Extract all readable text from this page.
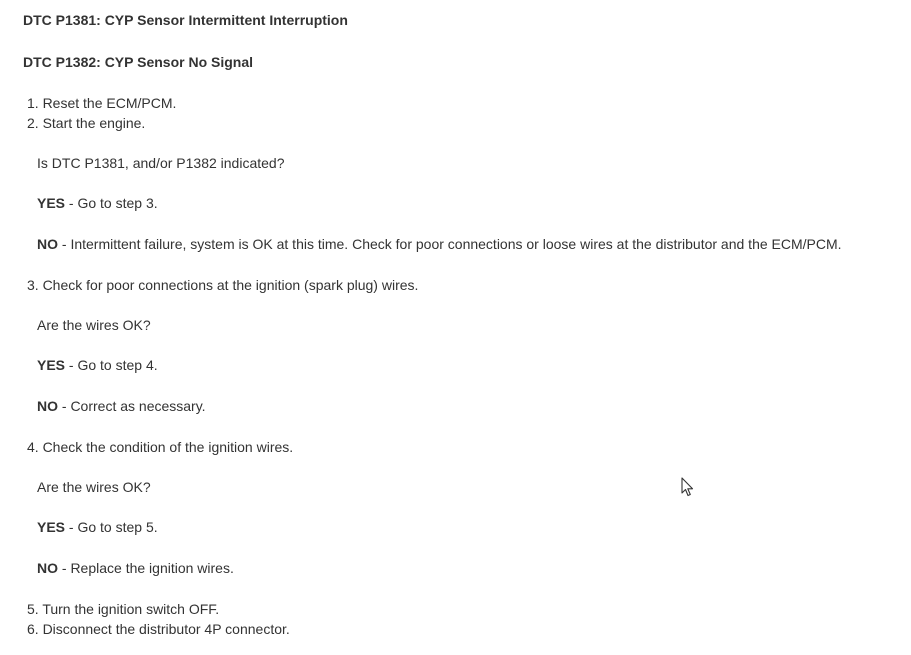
DTC P1381: CYP Sensor Intermittent Interruption
DTC P1382: CYP Sensor No Signal
1. Reset the ECM/PCM.
2. Start the engine.
Is DTC P1381, and/or P1382 indicated?
YES - Go to step 3.
NO - Intermittent failure, system is OK at this time. Check for poor connections or loose wires at the distributor and the ECM/PCM.
3. Check for poor connections at the ignition (spark plug) wires.
Are the wires OK?
YES - Go to step 4.
NO - Correct as necessary.
4. Check the condition of the ignition wires.
Are the wires OK?
YES - Go to step 5.
NO - Replace the ignition wires.
5. Turn the ignition switch OFF.
6. Disconnect the distributor 4P connector.
